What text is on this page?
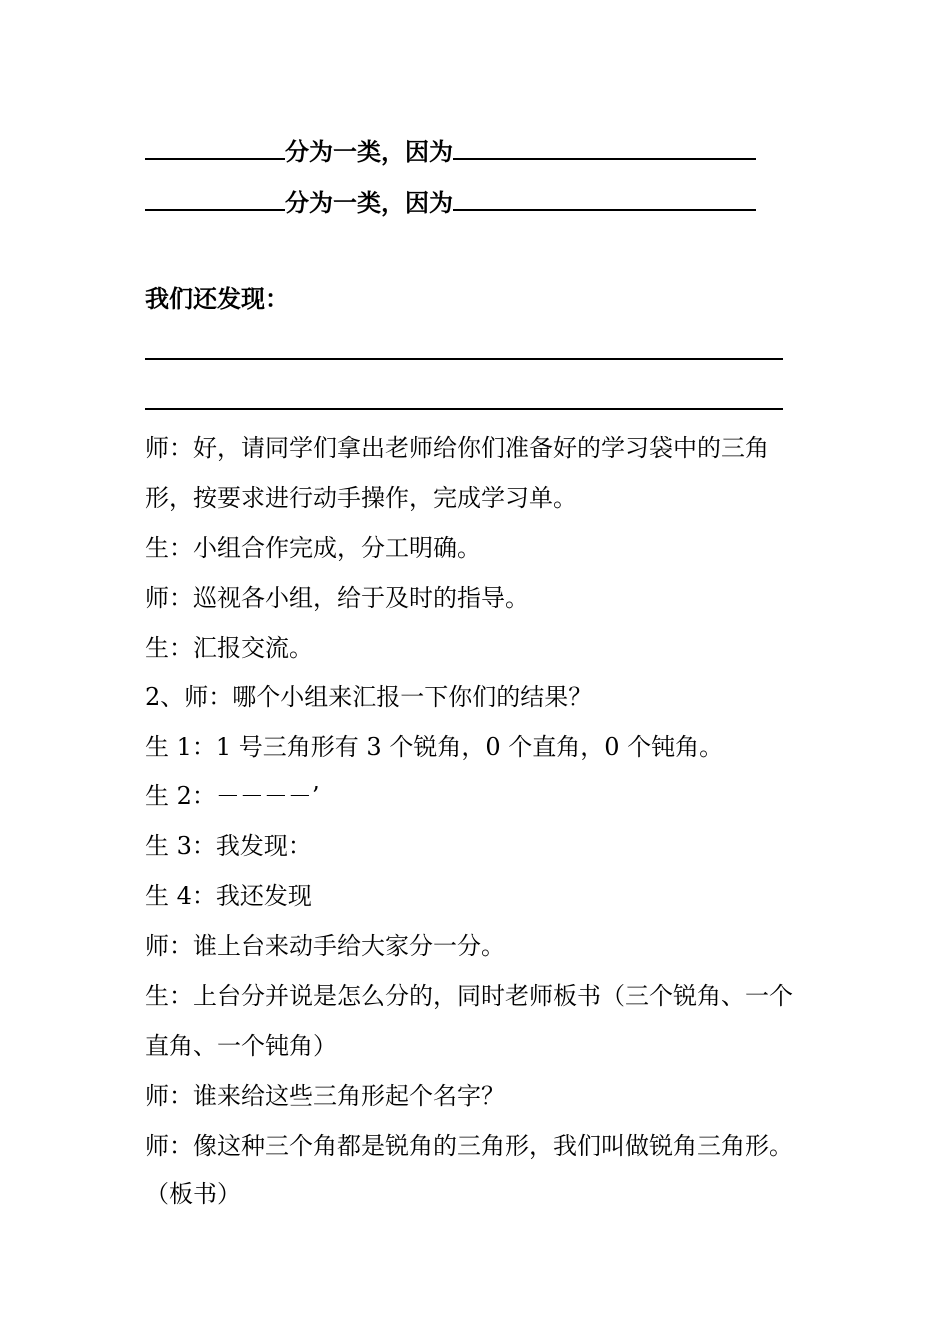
分为一类，因为
分为一类，因为
我们还发现：
师：好，请同学们拿出老师给你们准备好的学习袋中的三角
形，按要求进行动手操作，完成学习单。
生：小组合作完成，分工明确。
师：巡视各小组，给于及时的指导。
生：汇报交流。
2、师：哪个小组来汇报一下你们的结果？
生 1：1 号三角形有 3 个锐角，0 个直角，0 个钝角。
生 2：－－－－’
生 3：我发现：
生 4：我还发现
师：谁上台来动手给大家分一分。
生：上台分并说是怎么分的，同时老师板书（三个锐角、一个
直角、一个钝角）
师：谁来给这些三角形起个名字？
师：像这种三个角都是锐角的三角形，我们叫做锐角三角形。
（板书）
